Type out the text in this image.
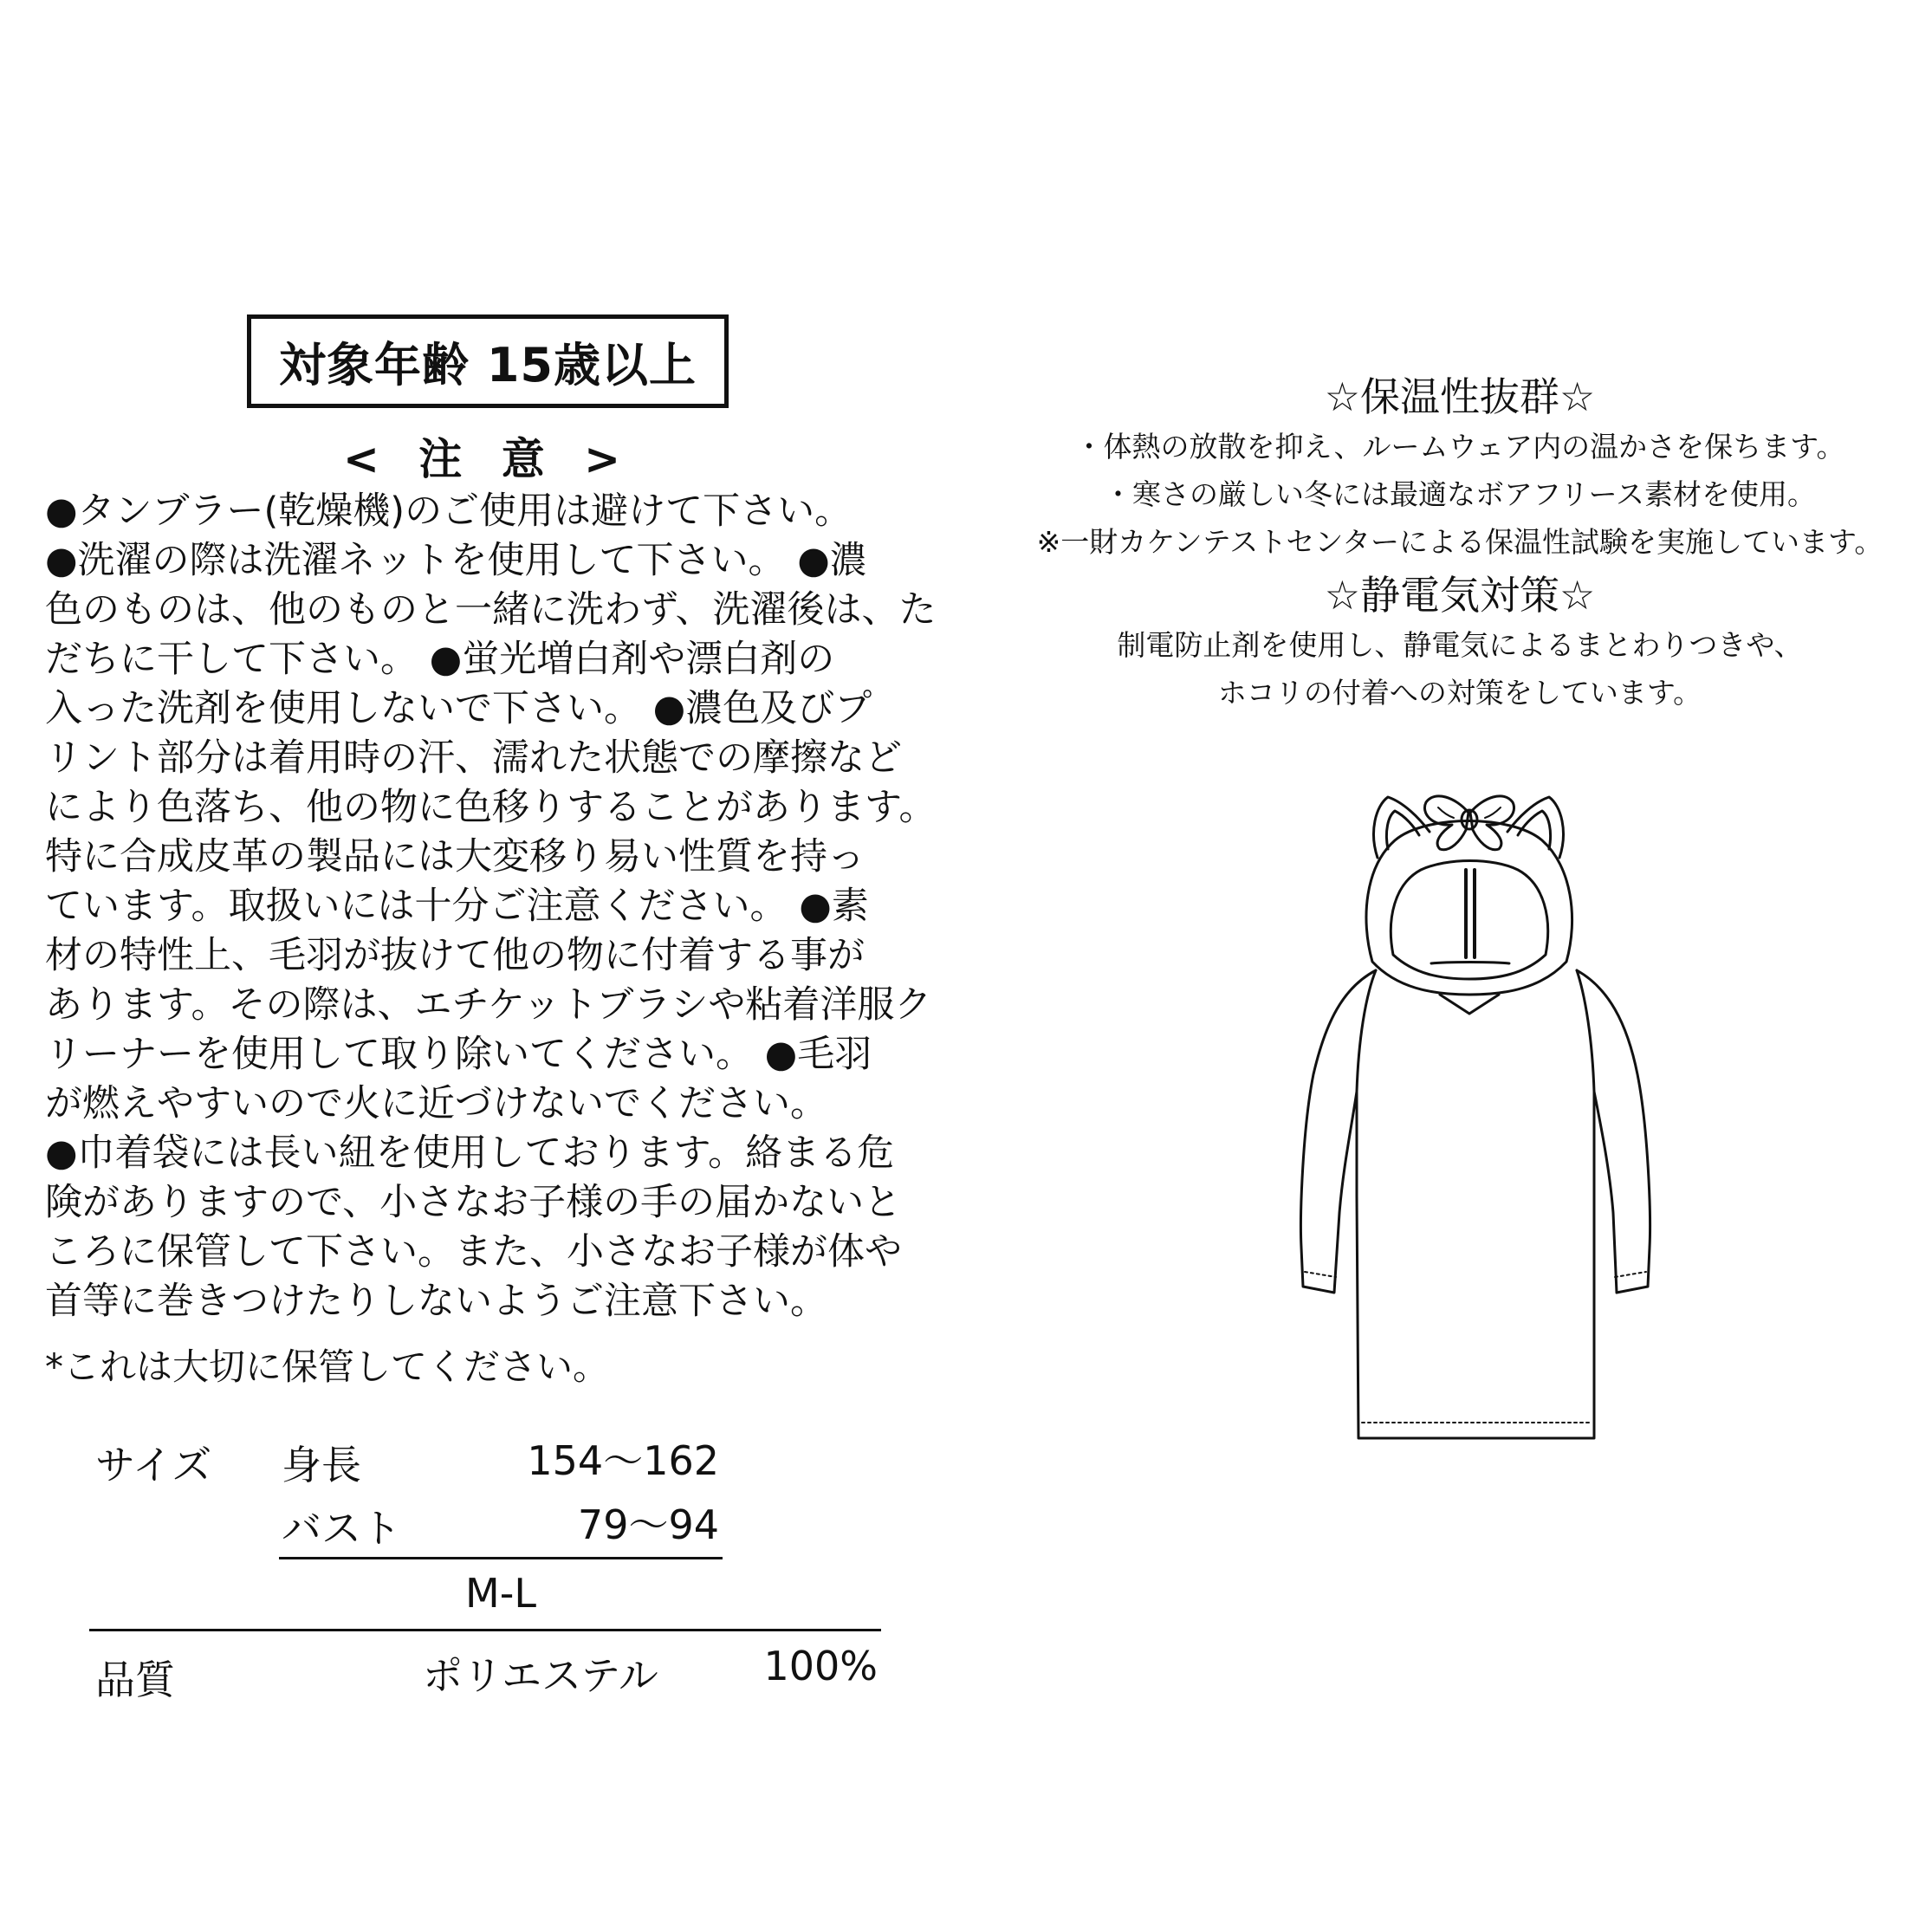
対象年齢 15歳以上
< 注 意 >
●タンブラー(乾燥機)のご使用は避けて下さい。
●洗濯の際は洗濯ネットを使用して下さい。 ●濃
色のものは、他のものと一緒に洗わず、洗濯後は、た
だちに干して下さい。 ●蛍光増白剤や漂白剤の
入った洗剤を使用しないで下さい。 ●濃色及びプ
リント部分は着用時の汗、濡れた状態での摩擦など
により色落ち、他の物に色移りすることがあります。
特に合成皮革の製品には大変移り易い性質を持っ
ています。取扱いには十分ご注意ください。 ●素
材の特性上、毛羽が抜けて他の物に付着する事が
あります。その際は、エチケットブラシや粘着洋服ク
リーナーを使用して取り除いてください。 ●毛羽
が燃えやすいので火に近づけないでください。
●巾着袋には長い紐を使用しております。絡まる危
険がありますので、小さなお子様の手の届かないと
ころに保管して下さい。また、小さなお子様が体や
首等に巻きつけたりしないようご注意下さい。
*これは大切に保管してください。
サイズ 身長	154〜162
バスト	79〜94
M-L
品質	ポリエステル	100%
☆保温性抜群☆
・体熱の放散を抑え、ルームウェア内の温かさを保ちます。
・寒さの厳しい冬には最適なボアフリース素材を使用。
※一財カケンテストセンターによる保温性試験を実施しています。
☆静電気対策☆
制電防止剤を使用し、静電気によるまとわりつきや、
ホコリの付着への対策をしています。
